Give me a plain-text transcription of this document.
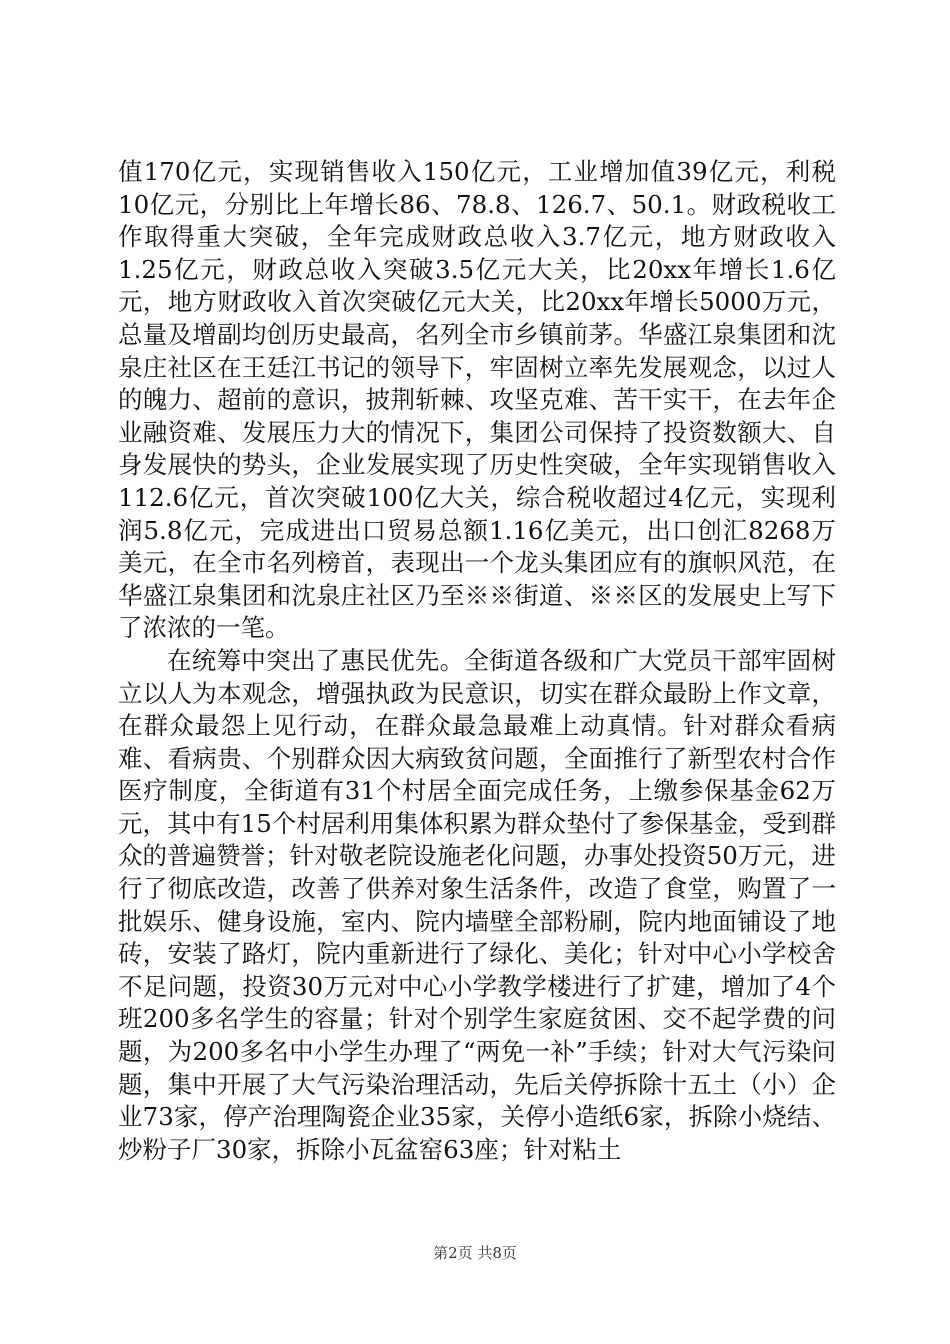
值170亿元，实现销售收入150亿元，工业增加值39亿元，利税10亿元，分别比上年增长86、78.8、126.7、50.1。财政税收工作取得重大突破，全年完成财政总收入3.7亿元，地方财政收入1.25亿元，财政总收入突破3.5亿元大关，比20xx年增长1.6亿元，地方财政收入首次突破亿元大关，比20xx年增长5000万元，总量及增副均创历史最高，名列全市乡镇前茅。华盛江泉集团和沈泉庄社区在王廷江书记的领导下，牢固树立率先发展观念，以过人的魄力、超前的意识，披荆斩棘、攻坚克难、苦干实干，在去年企业融资难、发展压力大的情况下，集团公司保持了投资数额大、自身发展快的势头，企业发展实现了历史性突破，全年实现销售收入112.6亿元，首次突破100亿大关，综合税收超过4亿元，实现利润5.8亿元，完成进出口贸易总额1.16亿美元，出口创汇8268万美元，在全市名列榜首，表现出一个龙头集团应有的旗帜风范，在华盛江泉集团和沈泉庄社区乃至※※街道、※※区的发展史上写下了浓浓的一笔。

在统筹中突出了惠民优先。全街道各级和广大党员干部牢固树立以人为本观念，增强执政为民意识，切实在群众最盼上作文章，在群众最怨上见行动，在群众最急最难上动真情。针对群众看病难、看病贵、个别群众因大病致贫问题，全面推行了新型农村合作医疗制度，全街道有31个村居全面完成任务，上缴参保基金62万元，其中有15个村居利用集体积累为群众垫付了参保基金，受到群众的普遍赞誉；针对敬老院设施老化问题，办事处投资50万元，进行了彻底改造，改善了供养对象生活条件，改造了食堂，购置了一批娱乐、健身设施，室内、院内墙壁全部粉刷，院内地面铺设了地砖，安装了路灯，院内重新进行了绿化、美化；针对中心小学校舍不足问题，投资30万元对中心小学教学楼进行了扩建，增加了4个班200多名学生的容量；针对个别学生家庭贫困、交不起学费的问题，为200多名中小学生办理了“两免一补”手续；针对大气污染问题，集中开展了大气污染治理活动，先后关停拆除十五土（小）企业73家，停产治理陶瓷企业35家，关停小造纸6家，拆除小烧结、炒粉子厂30家，拆除小瓦盆窑63座；针对粘土

第2页 共8页
